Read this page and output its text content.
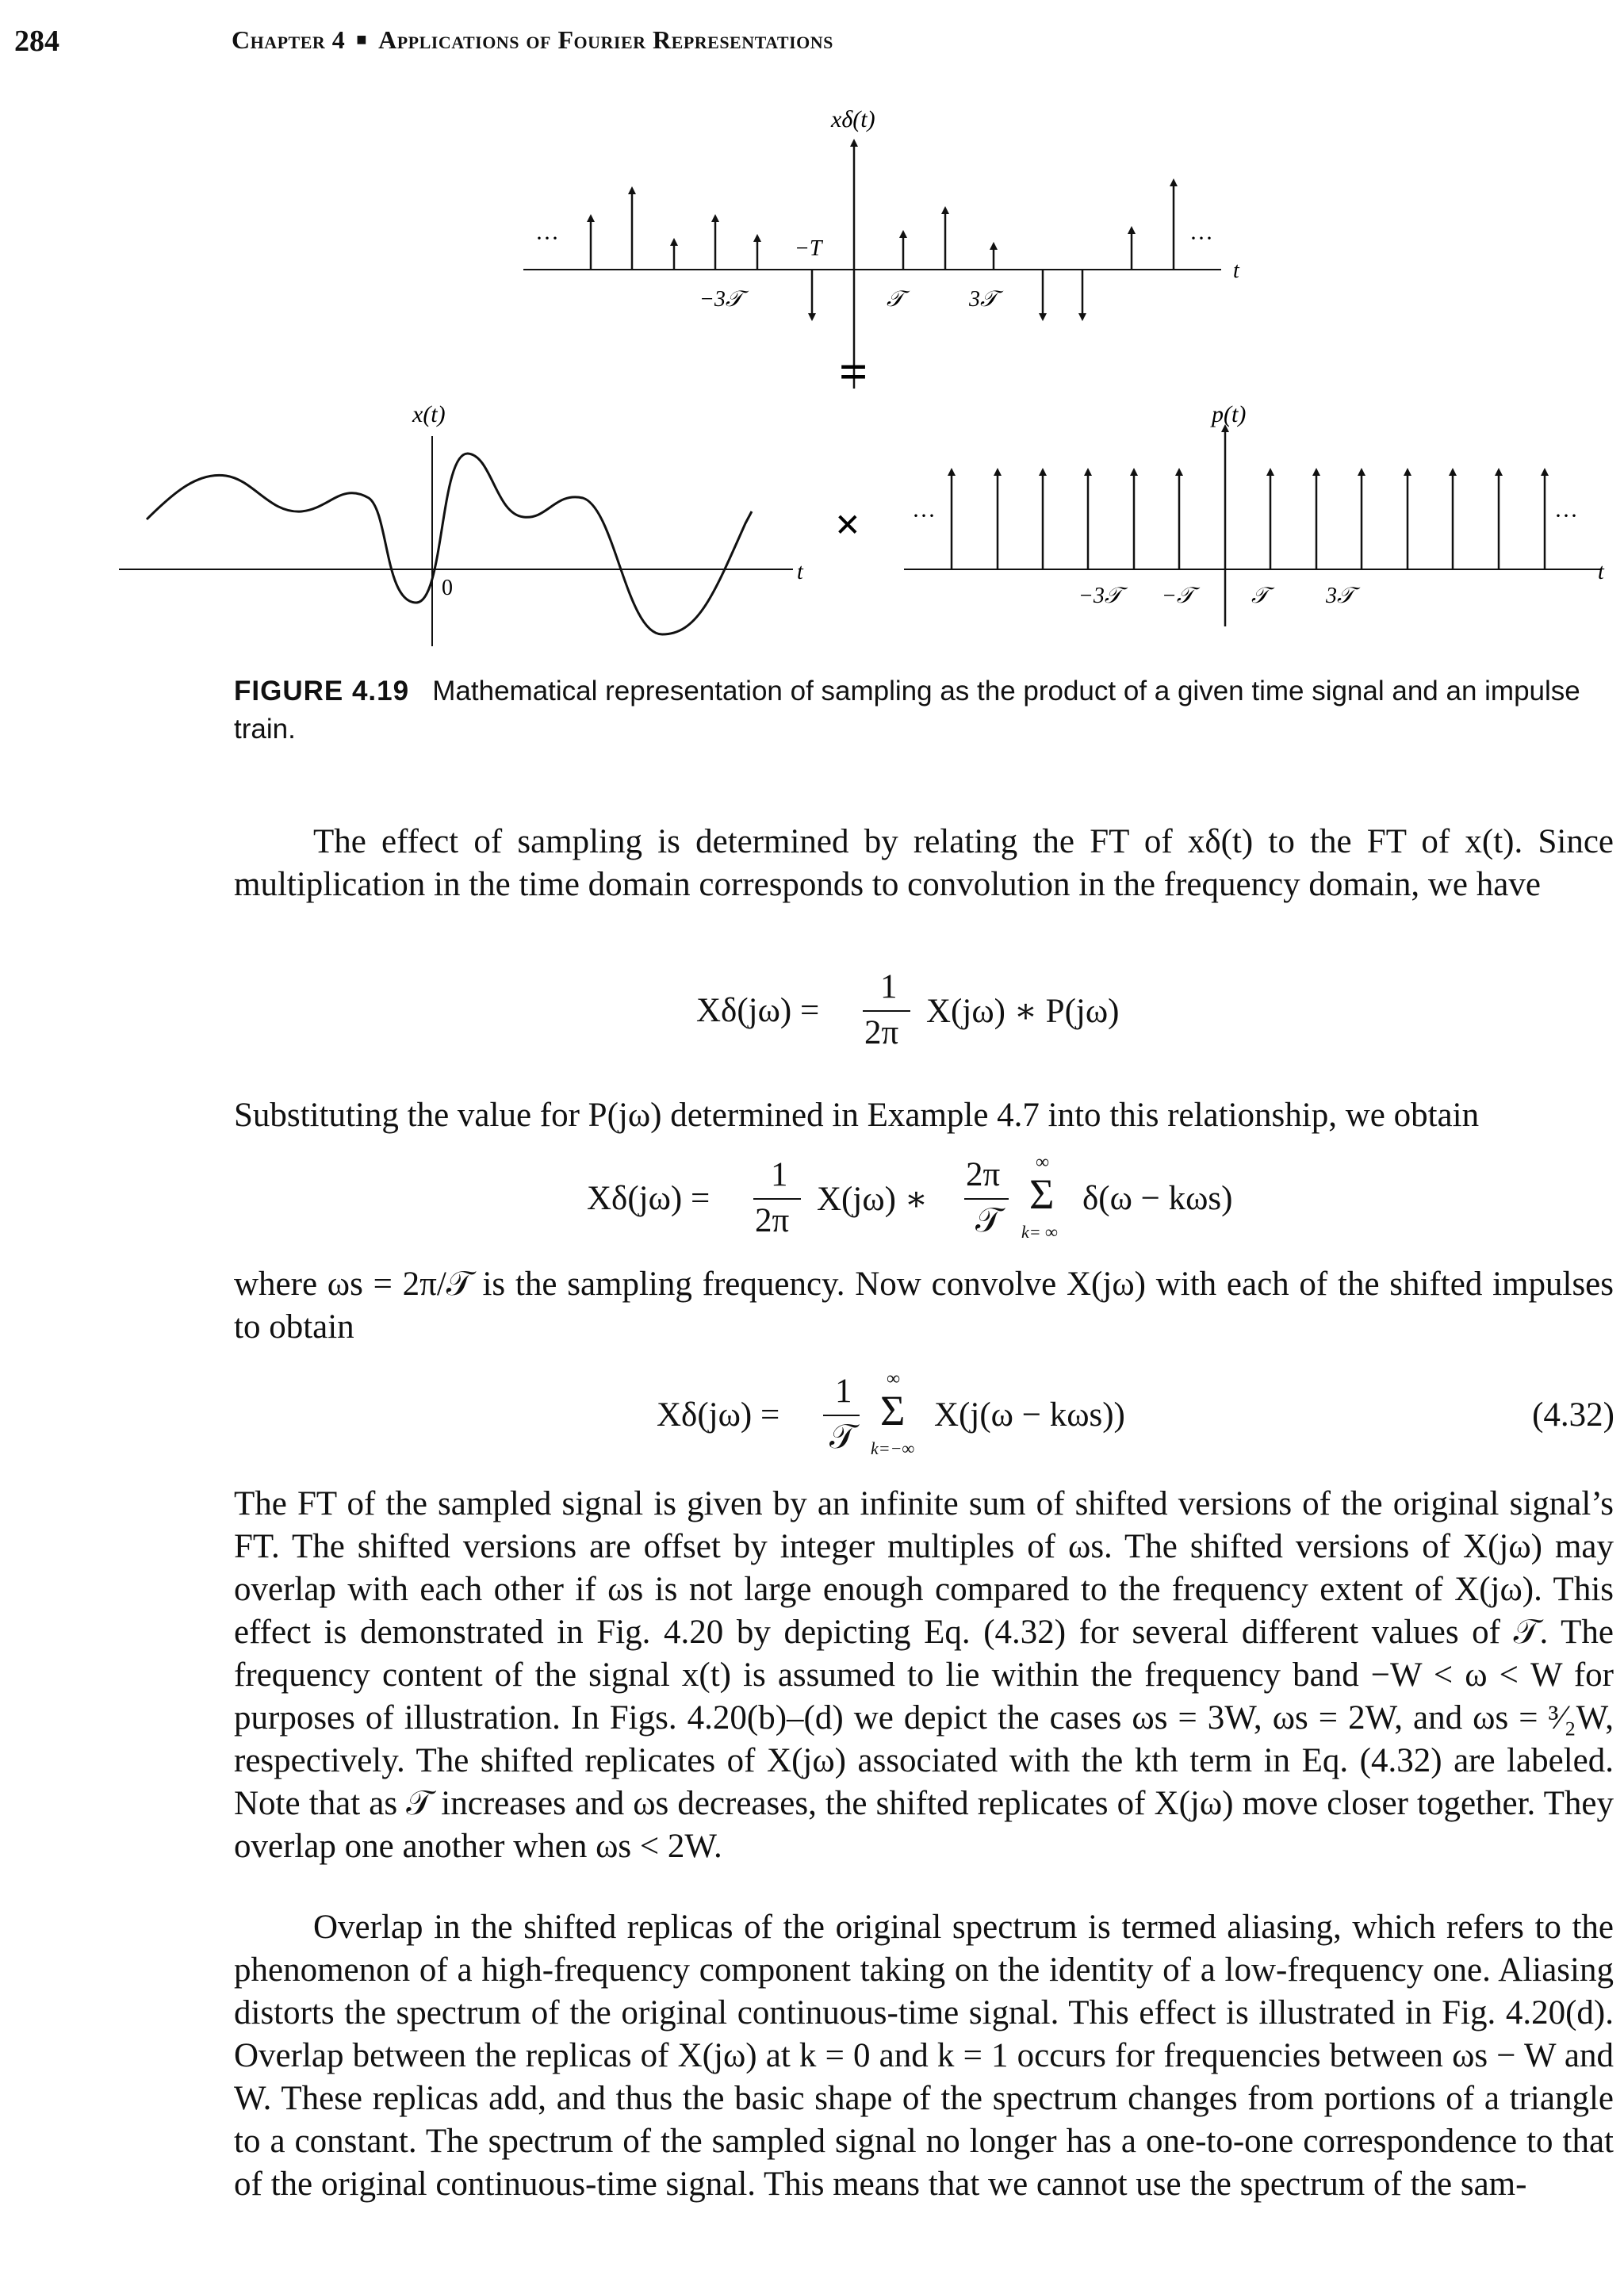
284	Chapter 4 ■ Applications of Fourier Representations
xδ(t)
···	···
−T
−3𝒯	𝒯	3𝒯
t
=
x(t)
0
t
×
p(t)
···	···
−3𝒯	−𝒯	𝒯	3𝒯
t
FIGURE 4.19 Mathematical representation of sampling as the product of a given time signal and an impulse train.

The effect of sampling is determined by relating the FT of xδ(t) to the FT of x(t). Since multiplication in the time domain corresponds to convolution in the frequency domain, we have

Xδ(jω) =
1
2π
X(jω) ∗ P(jω)

Substituting the value for P(jω) determined in Example 4.7 into this relationship, we obtain

Xδ(jω) =
1
2π
X(jω) ∗
2π
𝒯
∞
Σ
k= ∞
δ(ω − kωs)

where ωs = 2π/𝒯 is the sampling frequency. Now convolve X(jω) with each of the shifted impulses to obtain

Xδ(jω) =
1
𝒯
∞
Σ
k=−∞
X(j(ω − kωs))	(4.32)

The FT of the sampled signal is given by an infinite sum of shifted versions of the original signal’s FT. The shifted versions are offset by integer multiples of ωs. The shifted versions of X(jω) may overlap with each other if ωs is not large enough compared to the frequency extent of X(jω). This effect is demonstrated in Fig. 4.20 by depicting Eq. (4.32) for several different values of 𝒯. The frequency content of the signal x(t) is assumed to lie within the frequency band −W < ω < W for purposes of illustration. In Figs. 4.20(b)–(d) we depict the cases ωs = 3W, ωs = 2W, and ωs = ³⁄₂W, respectively. The shifted replicates of X(jω) associated with the kth term in Eq. (4.32) are labeled. Note that as 𝒯 increases and ωs decreases, the shifted replicates of X(jω) move closer together. They overlap one another when ωs < 2W.

Overlap in the shifted replicas of the original spectrum is termed aliasing, which refers to the phenomenon of a high-frequency component taking on the identity of a low-frequency one. Aliasing distorts the spectrum of the original continuous-time signal. This effect is illustrated in Fig. 4.20(d). Overlap between the replicas of X(jω) at k = 0 and k = 1 occurs for frequencies between ωs − W and W. These replicas add, and thus the basic shape of the spectrum changes from portions of a triangle to a constant. The spectrum of the sampled signal no longer has a one-to-one correspondence to that of the original continuous-time signal. This means that we cannot use the spectrum of the sam-
